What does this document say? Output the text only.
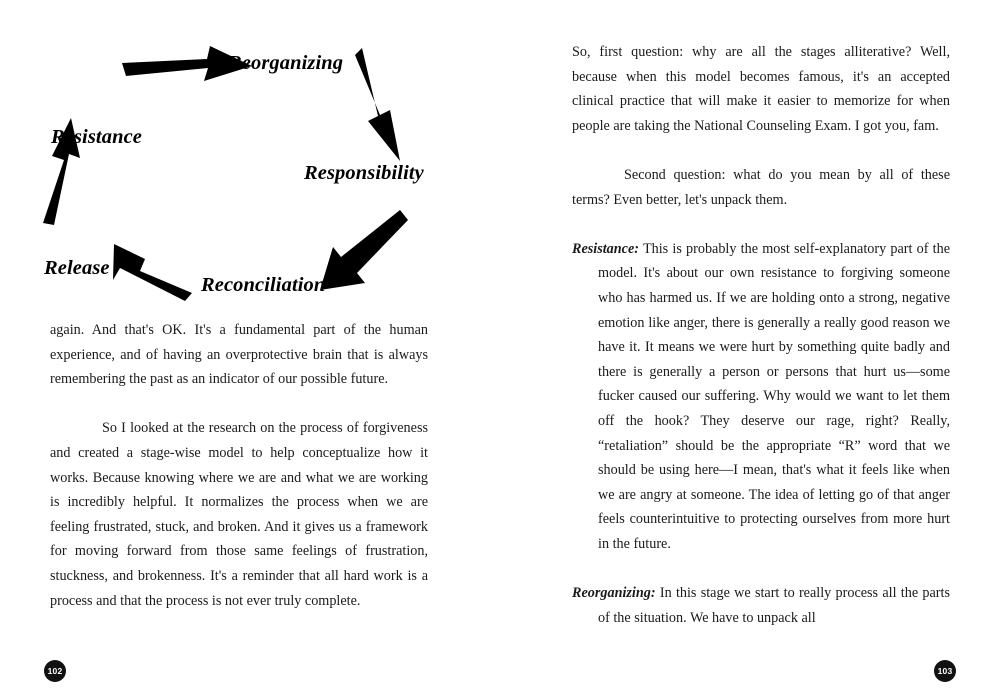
Reorganizing
Responsibility
Reconciliation
Release
Resistance

again. And that's OK. It's a fundamental part of the human experience, and of having an overprotective brain that is always remembering the past as an indicator of our possible future.

So I looked at the research on the process of forgiveness and created a stage-wise model to help conceptualize how it works. Because knowing where we are and what we are working is incredibly helpful. It normalizes the process when we are feeling frustrated, stuck, and broken. And it gives us a framework for moving forward from those same feelings of frustration, stuckness, and brokenness. It's a reminder that all hard work is a process and that the process is not ever truly complete.

102

So, first question: why are all the stages alliterative? Well, because when this model becomes famous, it's an accepted clinical practice that will make it easier to memorize for when people are taking the National Counseling Exam. I got you, fam.

Second question: what do you mean by all of these terms? Even better, let's unpack them.

Resistance: This is probably the most self-explanatory part of the model. It's about our own resistance to forgiving someone who has harmed us. If we are holding onto a strong, negative emotion like anger, there is generally a really good reason we have it. It means we were hurt by something quite badly and there is generally a person or persons that hurt us—some fucker caused our suffering. Why would we want to let them off the hook? They deserve our rage, right? Really, “retaliation” should be the appropriate “R” word that we should be using here—I mean, that's what it feels like when we are angry at someone. The idea of letting go of that anger feels counterintuitive to protecting ourselves from more hurt in the future.

Reorganizing: In this stage we start to really process all the parts of the situation. We have to unpack all

103
